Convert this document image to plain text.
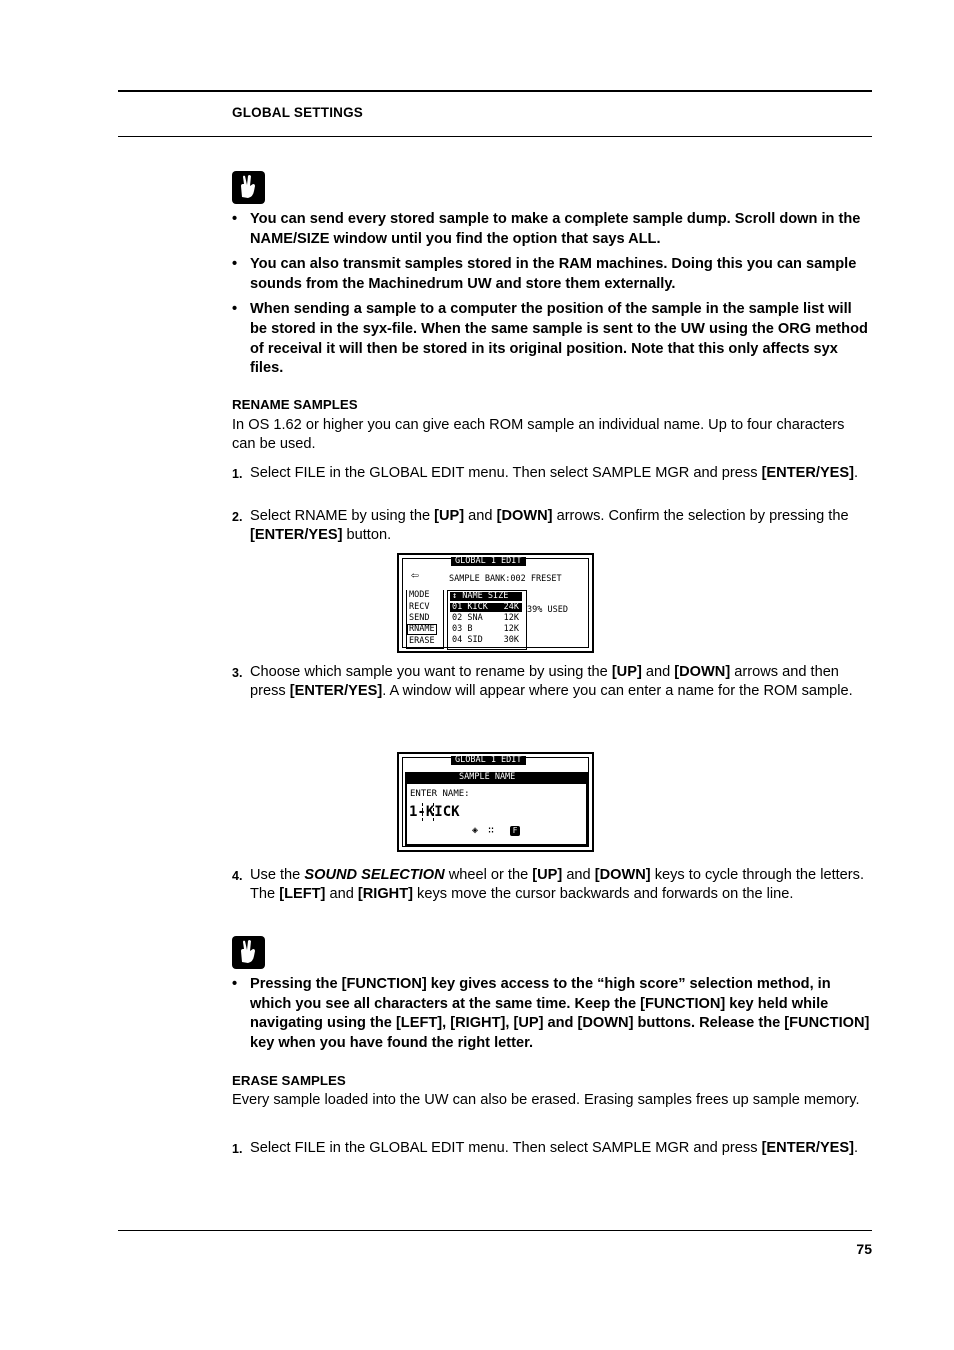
GLOBAL SETTINGS
• You can send every stored sample to make a complete sample dump. Scroll down in the NAME/SIZE window until you find the option that says ALL.
• You can also transmit samples stored in the RAM machines. Doing this you can sample sounds from the Machinedrum UW and store them externally.
• When sending a sample to a computer the position of the sample in the sample list will be stored in the syx-file. When the same sample is sent to the UW using the ORG method of receival it will then be stored in its original position. Note that this only affects syx files.
RENAME SAMPLES
In OS 1.62 or higher you can give each ROM sample an individual name. Up to four characters can be used.
1. Select FILE in the GLOBAL EDIT menu. Then select SAMPLE MGR and press [ENTER/YES].
2. Select RNAME by using the [UP] and [DOWN] arrows. Confirm the selection by pressing the [ENTER/YES] button.
GLOBAL 1 EDIT
⇦	SAMPLE BANK:002 FRESET
MODE
RECV
SEND
RNAME
ERASE
↕ NAME SIZE
01 KICK 24K
02 SNA 12K
03 B	12K
04 SID 30K
39% USED
3. Choose which sample you want to rename by using the [UP] and [DOWN] arrows and then press [ENTER/YES]. A window will appear where you can enter a name for the ROM sample.
GLOBAL 1 EDIT
SAMPLE NAME
ENTER NAME:
1-KICK
◈ ∷	F
4. Use the SOUND SELECTION wheel or the [UP] and [DOWN] keys to cycle through the letters. The [LEFT] and [RIGHT] keys move the cursor backwards and forwards on the line.
• Pressing the [FUNCTION] key gives access to the “high score” selection method, in which you see all characters at the same time. Keep the [FUNCTION] key held while navigating using the [LEFT], [RIGHT], [UP] and [DOWN] buttons. Release the [FUNCTION] key when you have found the right letter.
ERASE SAMPLES
Every sample loaded into the UW can also be erased. Erasing samples frees up sample memory.
1. Select FILE in the GLOBAL EDIT menu. Then select SAMPLE MGR and press [ENTER/YES].
75
